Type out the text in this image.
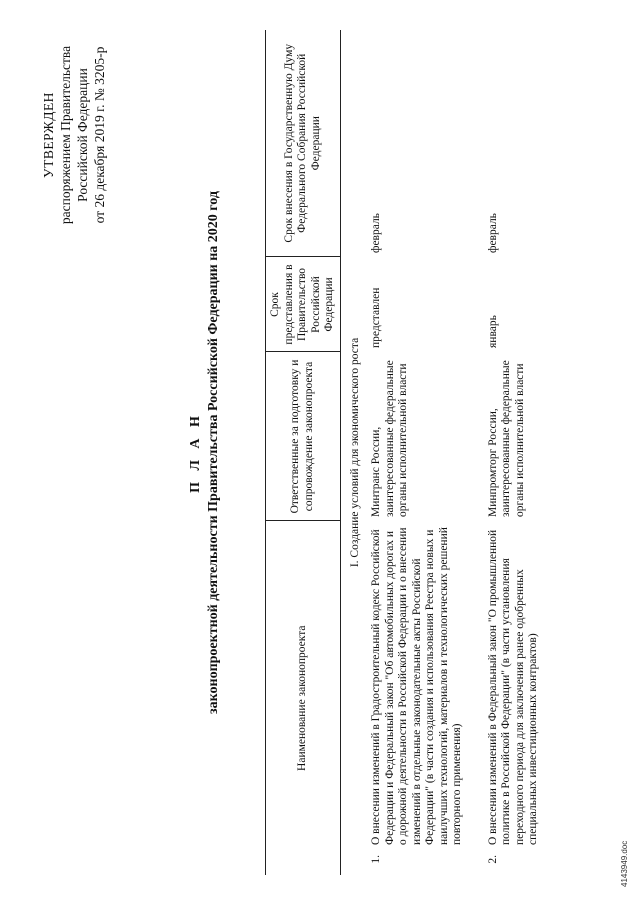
УТВЕРЖДЕН распоряжением Правительства Российской Федерации от 26 декабря 2019 г. № 3205-р
П Л А Н законопроектной деятельности Правительства Российской Федерации на 2020 год	Наименование законопроекта		Ответственные за подготовку и сопровождение законопроекта	Срок представления в Правительство Российской Федерации	Срок внесения в Государственную Думу Федерального Собрания Российской Федерации
I. Создание условий для экономического роста				
1.	О внесении изменений в Градостроительный кодекс Российской Федерации и Федеральный закон "Об автомобильных дорогах и о дорожной деятельности в Российской Федерации и о внесении изменений в отдельные законодательные акты Российской Федерации" (в части создания и использования Реестра новых и наилучших технологий, материалов и технологических решений повторного применения)	Минтранс России, заинтересованные федеральные органы исполнительной власти	представлен	февраль
2.	О внесении изменений в Федеральный закон "О промышленной политике в Российской Федерации" (в части установления переходного периода для заключения ранее одобренных специальных инвестиционных контрактов)	Минпромторг России, заинтересованные федеральные органы исполнительной власти	январь	февраль
4143949.doc
